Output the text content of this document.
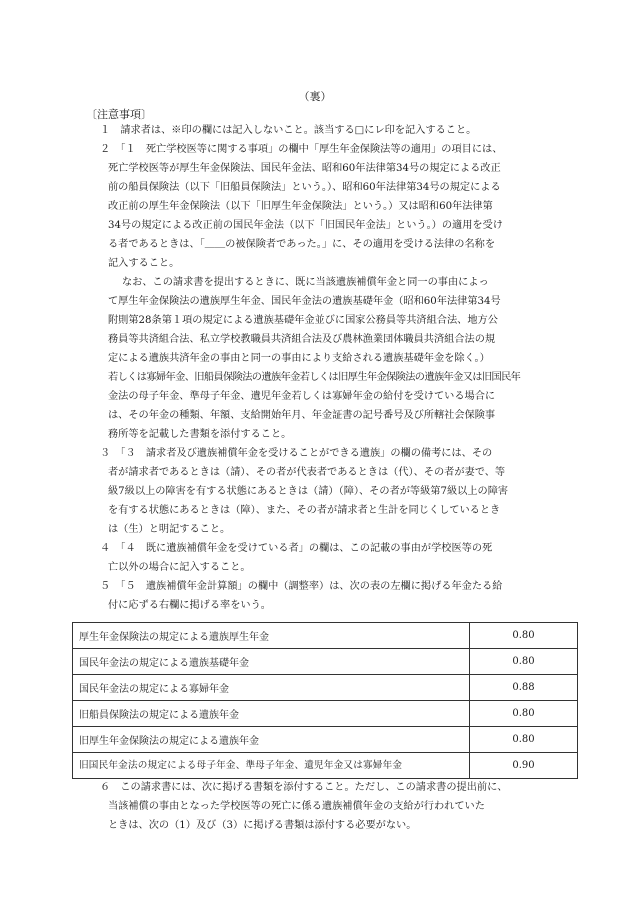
（裏）
〔注意事項〕
１　請求者は、※印の欄には記入しないこと。該当する□にレ印を記入すること。
２　「１　死亡学校医等に関する事項」の欄中「厚生年金保険法等の適用」の項目には、
死亡学校医等が厚生年金保険法、国民年金法、昭和60年法律第34号の規定による改正
前の船員保険法（以下「旧船員保険法」という。）、昭和60年法律第34号の規定による
改正前の厚生年金保険法（以下「旧厚生年金保険法」という。）又は昭和60年法律第
34号の規定による改正前の国民年金法（以下「旧国民年金法」という。）の適用を受け
る者であるときは、「＿＿の被保険者であった。」に、その適用を受ける法律の名称を
記入すること。
なお、この請求書を提出するときに、既に当該遺族補償年金と同一の事由によっ
て厚生年金保険法の遺族厚生年金、国民年金法の遺族基礎年金（昭和60年法律第34号
附則第28条第１項の規定による遺族基礎年金並びに国家公務員等共済組合法、地方公
務員等共済組合法、私立学校教職員共済組合法及び農林漁業団体職員共済組合法の規
定による遺族共済年金の事由と同一の事由により支給される遺族基礎年金を除く。）
若しくは寡婦年金、旧船員保険法の遺族年金若しくは旧厚生年金保険法の遺族年金又は旧国民年
金法の母子年金、準母子年金、遺児年金若しくは寡婦年金の給付を受けている場合に
は、その年金の種類、年額、支給開始年月、年金証書の記号番号及び所轄社会保険事
務所等を記載した書類を添付すること。
３　「３　請求者及び遺族補償年金を受けることができる遺族」の欄の備考には、その
者が請求者であるときは（請）、その者が代表者であるときは（代）、その者が妻で、等
級7級以上の障害を有する状態にあるときは（請）（障）、その者が等級第7級以上の障害
を有する状態にあるときは（障）、また、その者が請求者と生計を同じくしているとき
は（生）と明記すること。
４　「４　既に遺族補償年金を受けている者」の欄は、この記載の事由が学校医等の死
亡以外の場合に記入すること。
５　「５　遺族補償年金計算額」の欄中（調整率）は、次の表の左欄に掲げる年金たる給
付に応ずる右欄に掲げる率をいう。
厚生年金保険法の規定による遺族厚生年金	0.80
国民年金法の規定による遺族基礎年金	0.80
国民年金法の規定による寡婦年金	0.88
旧船員保険法の規定による遺族年金	0.80
旧厚生年金保険法の規定による遺族年金	0.80
旧国民年金法の規定による母子年金、準母子年金、遺児年金又は寡婦年金	0.90
６　この請求書には、次に掲げる書類を添付すること。ただし、この請求書の提出前に、
当該補償の事由となった学校医等の死亡に係る遺族補償年金の支給が行われていた
ときは、次の（1）及び（3）に掲げる書類は添付する必要がない。
